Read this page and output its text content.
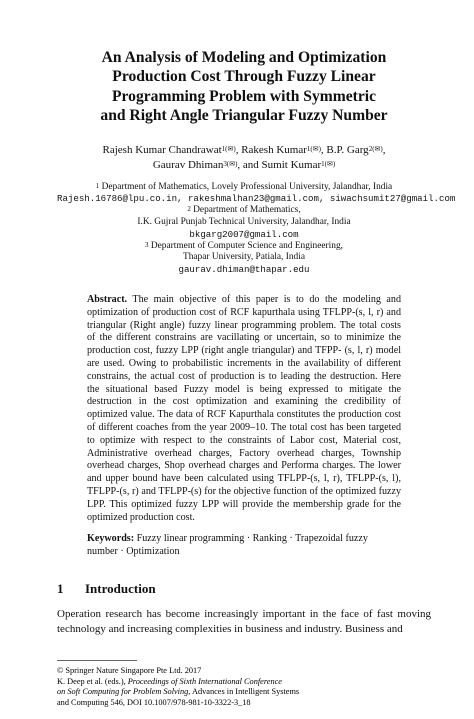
An Analysis of Modeling and Optimization
Production Cost Through Fuzzy Linear
Programming Problem with Symmetric
and Right Angle Triangular Fuzzy Number
Rajesh Kumar Chandrawat$^{1(✉)}$, Rakesh Kumar$^{1(✉)}$, B.P. Garg$^{2(✉)}$,
Gaurav Dhiman$^{3(✉)}$, and Sumit Kumar$^{1(✉)}$
$^1$ Department of Mathematics, Lovely Professional University, Jalandhar, India
Rajesh.16786@lpu.co.in, rakeshmalhan23@gmail.com, siwachsumit27@gmail.com
$^2$ Department of Mathematics,
I.K. Gujral Punjab Technical University, Jalandhar, India
bkgarg2007@gmail.com
$^3$ Department of Computer Science and Engineering,
Thapar University, Patiala, India
gaurav.dhiman@thapar.edu
Abstract. The main objective of this paper is to do the modeling and optimization of production cost of RCF kapurthala using TFLPP-(s, l, r) and triangular (Right angle) fuzzy linear programming problem. The total costs of the different constrains are vacillating or uncertain, so to minimize the production cost, fuzzy LPP (right angle triangular) and TFPP- (s, l, r) model are used. Owing to probabilistic increments in the availability of different constrains, the actual cost of production is to leading the destruction. Here the situational based Fuzzy model is being expressed to mitigate the destruction in the cost optimization and examining the credibility of optimized value. The data of RCF Kapurthala constitutes the production cost of different coaches from the year 2009–10. The total cost has been targeted to optimize with respect to the constraints of Labor cost, Material cost, Administrative overhead charges, Factory overhead charges, Township overhead charges, Shop overhead charges and Performa charges. The lower and upper bound have been calculated using TFLPP-(s, l, r), TFLPP-(s, l), TFLPP-(s, r) and TFLPP-(s) for the objective function of the optimized fuzzy LPP. This optimized fuzzy LPP will provide the membership grade for the optimized production cost.
Keywords: Fuzzy linear programming · Ranking · Trapezoidal fuzzy number · Optimization
1 Introduction
Operation research has become increasingly important in the face of fast moving technology and increasing complexities in business and industry. Business and
© Springer Nature Singapore Pte Ltd. 2017
K. Deep et al. (eds.), Proceedings of Sixth International Conference
on Soft Computing for Problem Solving, Advances in Intelligent Systems
and Computing 546, DOI 10.1007/978-981-10-3322-3_18
